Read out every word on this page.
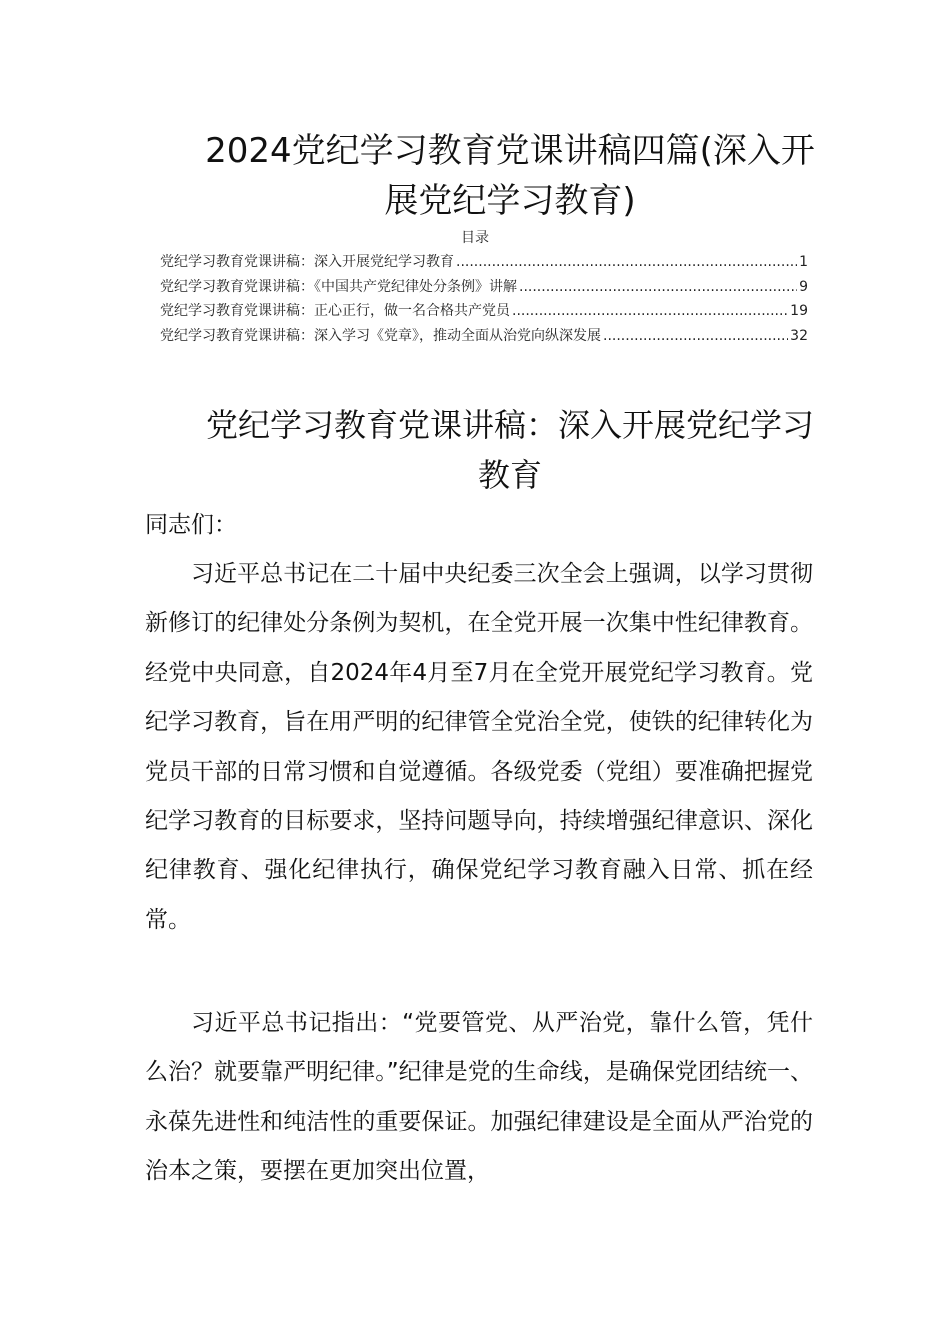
2024党纪学习教育党课讲稿四篇(深入开展党纪学习教育)
目录
党纪学习教育党课讲稿：深入开展党纪学习教育 .....	1
党纪学习教育党课讲稿：《中国共产党纪律处分条例》讲解 .....	9
党纪学习教育党课讲稿：正心正行，做一名合格共产党员 .....	19
党纪学习教育党课讲稿：深入学习《党章》，推动全面从治党向纵深发展 .....	32
党纪学习教育党课讲稿：深入开展党纪学习教育

同志们：

习近平总书记在二十届中央纪委三次全会上强调，以学习贯彻新修订的纪律处分条例为契机，在全党开展一次集中性纪律教育。经党中央同意，自2024年4月至7月在全党开展党纪学习教育。党纪学习教育，旨在用严明的纪律管全党治全党，使铁的纪律转化为党员干部的日常习惯和自觉遵循。各级党委（党组）要准确把握党纪学习教育的目标要求，坚持问题导向，持续增强纪律意识、深化纪律教育、强化纪律执行，确保党纪学习教育融入日常、抓在经常。

习近平总书记指出：“党要管党、从严治党，靠什么管，凭什么治？就要靠严明纪律。”纪律是党的生命线，是确保党团结统一、永葆先进性和纯洁性的重要保证。加强纪律建设是全面从严治党的治本之策，要摆在更加突出位置，
